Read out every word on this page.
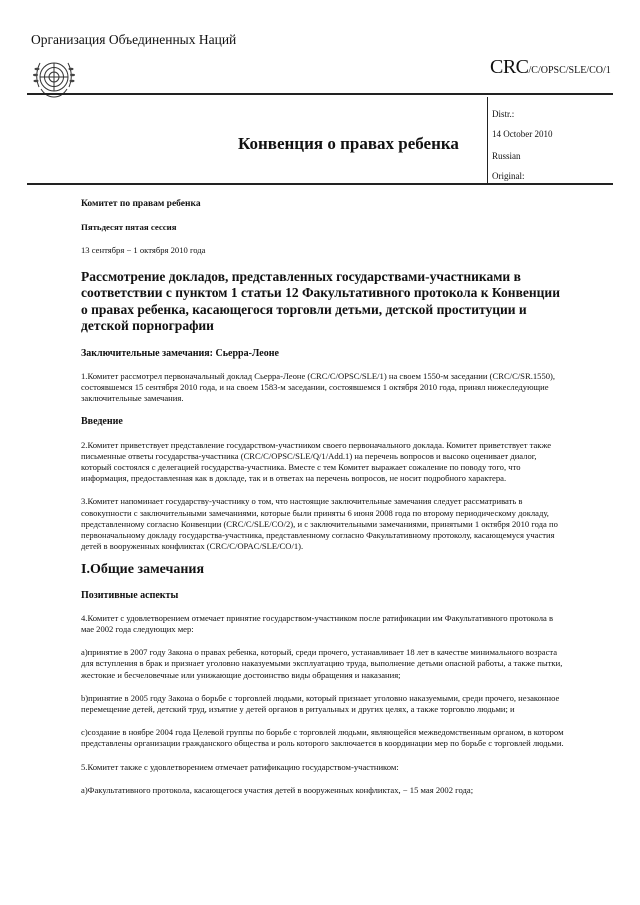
Организация Объединенных Наций
CRC/C/OPSC/SLE/CO/1
Distr.:
14 October 2010
Russian
Original:
Конвенция о правах ребенка
Комитет по правам ребенка
Пятьдесят пятая сессия

13 сентября − 1 октября 2010 года

Рассмотрение докладов, представленных государствами-участниками в соответствии с пунктом 1 статьи 12 Факультативного протокола к Конвенции о правах ребенка, касающегося торговли детьми, детской проституции и детской порнографии
Заключительные замечания: Сьерра-Леоне

1.Комитет рассмотрел первоначальный доклад Сьерра-Леоне (CRC/C/OPSC/SLE/1) на своем 1550-м заседании (CRC/C/SR.1550), состоявшемся 15 сентября 2010 года, и на своем 1583-м заседании, состоявшемся 1 октября 2010 года, принял нижеследующие заключительные замечания.

Введение

2.Комитет приветствует представление государством-участником своего первоначального доклада. Комитет приветствует также письменные ответы государства-участника (CRC/C/OPSC/SLE/Q/1/Add.1) на перечень вопросов и высоко оценивает диалог, который состоялся с делегацией государства-участника. Вместе с тем Комитет выражает сожаление по поводу того, что информация, предоставленная как в докладе, так и в ответах на перечень вопросов, не носит подробного характера.

3.Комитет напоминает государству-участнику о том, что настоящие заключительные замечания следует рассматривать в совокупности с заключительными замечаниями, которые были приняты 6 июня 2008 года по второму периодическому докладу, представленному согласно Конвенции (CRC/C/SLE/CO/2), и с заключительными замечаниями, принятыми 1 октября 2010 года по первоначальному докладу государства-участника, представленному согласно Факультативному протоколу, касающемуся участия детей в вооруженных конфликтах (CRC/C/OPAC/SLE/CO/1).

I.Общие замечания
Позитивные аспекты

4.Комитет с удовлетворением отмечает принятие государством-участником после ратификации им Факультативного протокола в мае 2002 года следующих мер:

a)принятие в 2007 году Закона о правах ребенка, который, среди прочего, устанавливает 18 лет в качестве минимального возраста для вступления в брак и признает уголовно наказуемыми эксплуатацию труда, выполнение детьми опасной работы, а также пытки, жестокие и бесчеловечные или унижающие достоинство виды обращения и наказания;

b)принятие в 2005 году Закона о борьбе с торговлей людьми, который признает уголовно наказуемыми, среди прочего, незаконное перемещение детей, детский труд, изъятие у детей органов в ритуальных и других целях, а также торговлю людьми; и

c)создание в ноябре 2004 года Целевой группы по борьбе с торговлей людьми, являющейся межведомственным органом, в котором представлены организации гражданского общества и роль которого заключается в координации мер по борьбе с торговлей людьми.

5.Комитет также с удовлетворением отмечает ратификацию государством-участником:

a)Факультативного протокола, касающегося участия детей в вооруженных конфликтах, − 15 мая 2002 года;
